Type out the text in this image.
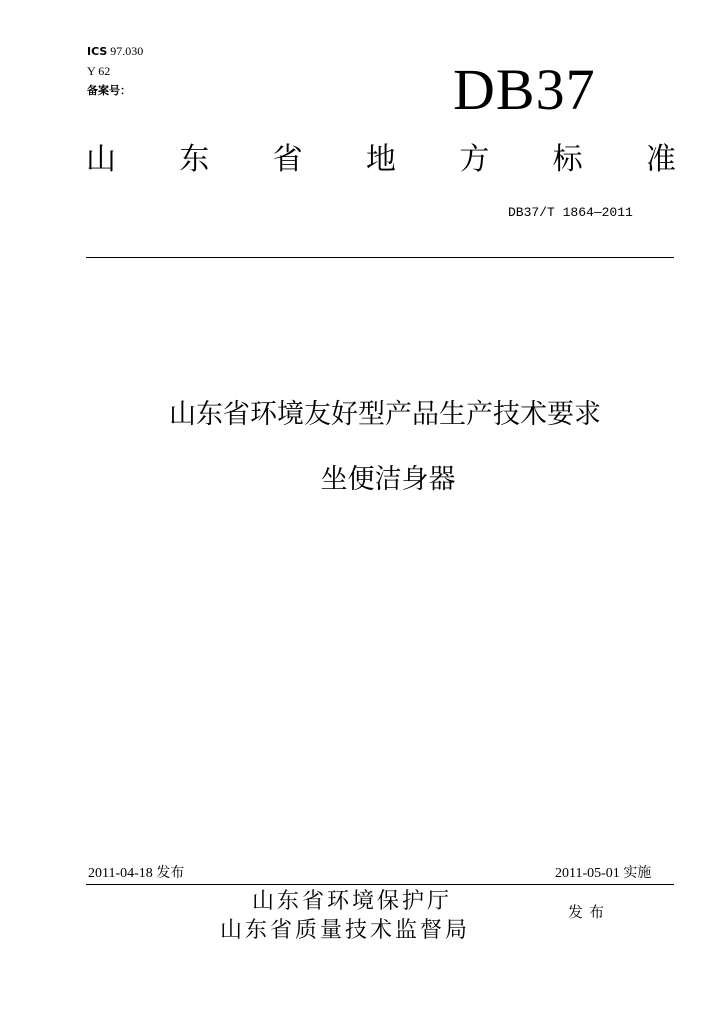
ICS 97.030
Y 62
备案号：	DB37
山 东 省 地 方 标 准
DB37/T 1864—2011
山东省环境友好型产品生产技术要求
坐便洁身器
2011-04-18 发布	2011-05-01 实施
山东省环境保护厅
山东省质量技术监督局
发布
